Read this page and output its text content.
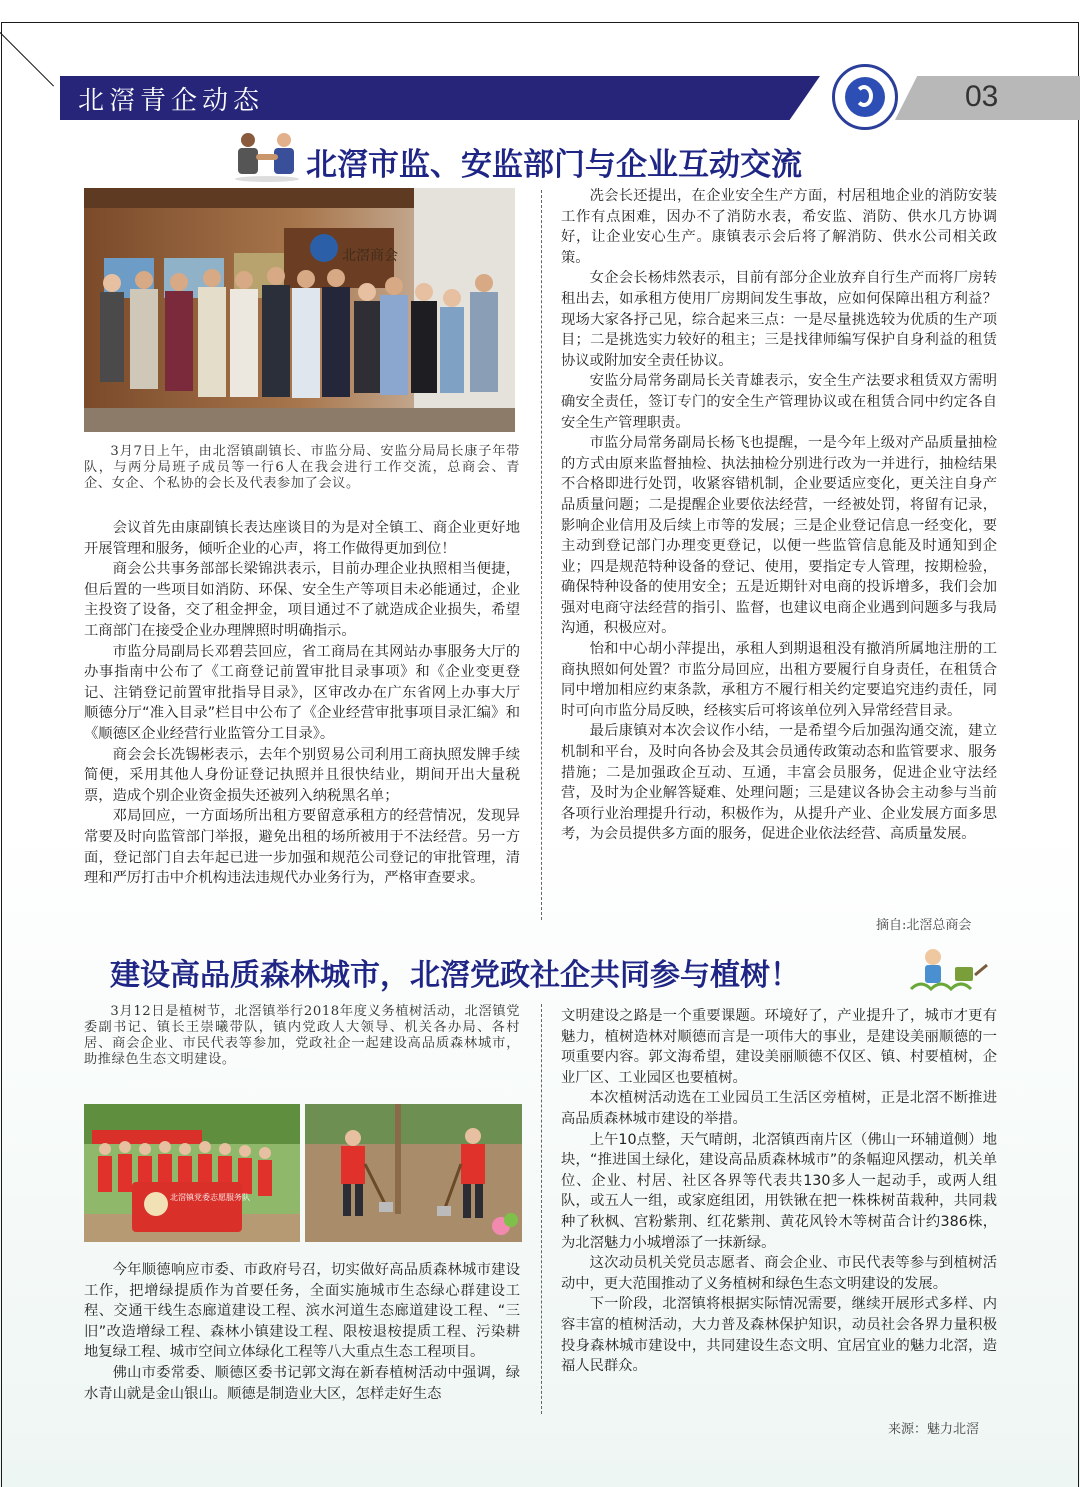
北滘青企动态	03
北滘市监、安监部门与企业互动交流
北滘商会

3月7日上午，由北滘镇副镇长、市监分局、安监分局局长康子年带队，与两分局班子成员等一行6人在我会进行工作交流，总商会、青企、女企、个私协的会长及代表参加了会议。

会议首先由康副镇长表达座谈目的为是对全镇工、商企业更好地开展管理和服务，倾听企业的心声，将工作做得更加到位！

商会公共事务部部长梁锦洪表示，目前办理企业执照相当便捷，但后置的一些项目如消防、环保、安全生产等项目未必能通过，企业主投资了设备，交了租金押金，项目通过不了就造成企业损失，希望工商部门在接受企业办理牌照时明确指示。

市监分局副局长邓碧芸回应，省工商局在其网站办事服务大厅的办事指南中公布了《工商登记前置审批目录事项》和《企业变更登记、注销登记前置审批指导目录》，区审改办在广东省网上办事大厅顺德分厅“准入目录”栏目中公布了《企业经营审批事项目录汇编》和《顺德区企业经营行业监管分工目录》。

商会会长冼锡彬表示，去年个别贸易公司利用工商执照发牌手续简便，采用其他人身份证登记执照并且很快结业，期间开出大量税票，造成个别企业资金损失还被列入纳税黑名单；

邓局回应，一方面场所出租方要留意承租方的经营情况，发现异常要及时向监管部门举报，避免出租的场所被用于不法经营。另一方面，登记部门自去年起已进一步加强和规范公司登记的审批管理，清理和严厉打击中介机构违法违规代办业务行为，严格审查要求。

冼会长还提出，在企业安全生产方面，村居租地企业的消防安装工作有点困难，因办不了消防水表，希安监、消防、供水几方协调好，让企业安心生产。康镇表示会后将了解消防、供水公司相关政策。

女企会长杨炜然表示，目前有部分企业放弃自行生产而将厂房转租出去，如承租方使用厂房期间发生事故，应如何保障出租方利益？现场大家各抒己见，综合起来三点：一是尽量挑选较为优质的生产项目；二是挑选实力较好的租主；三是找律师编写保护自身利益的租赁协议或附加安全责任协议。

安监分局常务副局长关青雄表示，安全生产法要求租赁双方需明确安全责任，签订专门的安全生产管理协议或在租赁合同中约定各自安全生产管理职责。

市监分局常务副局长杨飞也提醒，一是今年上级对产品质量抽检的方式由原来监督抽检、执法抽检分别进行改为一并进行，抽检结果不合格即进行处罚，收紧容错机制，企业要适应变化，更关注自身产品质量问题；二是提醒企业要依法经营，一经被处罚，将留有记录，影响企业信用及后续上市等的发展；三是企业登记信息一经变化，要主动到登记部门办理变更登记，以便一些监管信息能及时通知到企业；四是规范特种设备的登记、使用，要指定专人管理，按期检验，确保特种设备的使用安全；五是近期针对电商的投诉增多，我们会加强对电商守法经营的指引、监督，也建议电商企业遇到问题多与我局沟通，积极应对。

怡和中心胡小萍提出，承租人到期退租没有撤消所属地注册的工商执照如何处置？市监分局回应，出租方要履行自身责任，在租赁合同中增加相应约束条款，承租方不履行相关约定要追究违约责任，同时可向市监分局反映，经核实后可将该单位列入异常经营目录。

最后康镇对本次会议作小结，一是希望今后加强沟通交流，建立机制和平台，及时向各协会及其会员通传政策动态和监管要求、服务措施；二是加强政企互动、互通，丰富会员服务，促进企业守法经营，及时为企业解答疑难、处理问题；三是建议各协会主动参与当前各项行业治理提升行动，积极作为，从提升产业、企业发展方面多思考，为会员提供多方面的服务，促进企业依法经营、高质量发展。

摘自:北滘总商会
建设高品质森林城市，北滘党政社企共同参与植树！

3月12日是植树节，北滘镇举行2018年度义务植树活动，北滘镇党委副书记、镇长王崇曦带队，镇内党政人大领导、机关各办局、各村居、商会企业、市民代表等参加，党政社企一起建设高品质森林城市，助推绿色生态文明建设。

北滘镇党委志愿服务队

今年顺德响应市委、市政府号召，切实做好高品质森林城市建设工作，把增绿提质作为首要任务，全面实施城市生态绿心群建设工程、交通干线生态廊道建设工程、滨水河道生态廊道建设工程、“三旧”改造增绿工程、森林小镇建设工程、限桉退桉提质工程、污染耕地复绿工程、城市空间立体绿化工程等八大重点生态工程项目。

佛山市委常委、顺德区委书记郭文海在新春植树活动中强调，绿水青山就是金山银山。顺德是制造业大区，怎样走好生态

文明建设之路是一个重要课题。环境好了，产业提升了，城市才更有魅力，植树造林对顺德而言是一项伟大的事业，是建设美丽顺德的一项重要内容。郭文海希望，建设美丽顺德不仅区、镇、村要植树，企业厂区、工业园区也要植树。

本次植树活动选在工业园员工生活区旁植树，正是北滘不断推进高品质森林城市建设的举措。

上午10点整，天气晴朗，北滘镇西南片区（佛山一环辅道侧）地块，“推进国土绿化，建设高品质森林城市”的条幅迎风摆动，机关单位、企业、村居、社区各界等代表共130多人一起动手，或两人组队，或五人一组，或家庭组团，用铁锹在把一株株树苗栽种，共同栽种了秋枫、宫粉紫荆、红花紫荆、黄花风铃木等树苗合计约386株，为北滘魅力小城增添了一抹新绿。

这次动员机关党员志愿者、商会企业、市民代表等参与到植树活动中，更大范围推动了义务植树和绿色生态文明建设的发展。

下一阶段，北滘镇将根据实际情况需要，继续开展形式多样、内容丰富的植树活动，大力普及森林保护知识，动员社会各界力量积极投身森林城市建设中，共同建设生态文明、宜居宜业的魅力北滘，造福人民群众。

来源：魅力北滘
